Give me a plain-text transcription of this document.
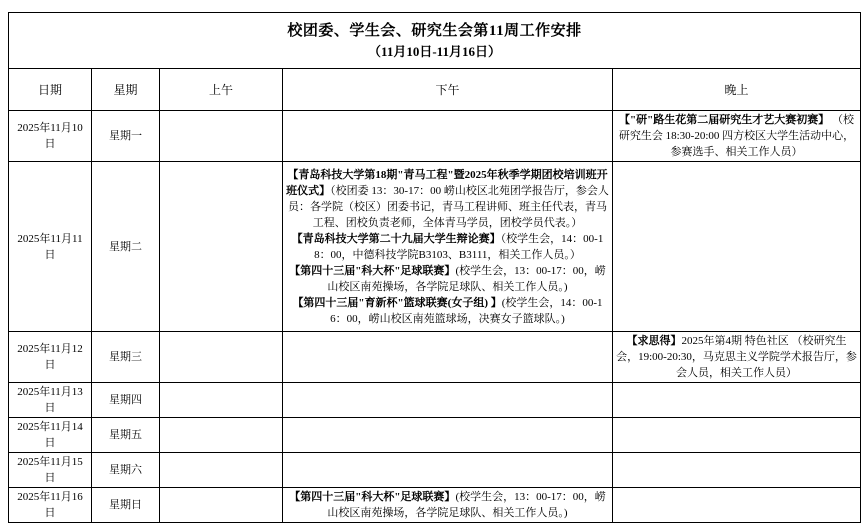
校团委、学生会、研究生会第11周工作安排
（11月10日-11月16日）				

日期	星期	上午	下午	晚上
2025年11月10日	星期一			【"研"路生花第二届研究生才艺大赛初赛】 （校研究生会 18:30-20:00 四方校区大学生活动中心，参赛选手、相关工作人员）

2025年11月11日	星期二		【青岛科技大学第18期"青马工程"暨2025年秋季学期团校培训班开班仪式】（校团委 13：30-17：00 崂山校区北苑团学报告厅，参会人员：各学院（校区）团委书记，青马工程讲师、班主任代表，青马工程、团校负责老师，全体青马学员，团校学员代表。）
【青岛科技大学第二十九届大学生辩论赛】（校学生会，14：00-18：00，中德科技学院B3103、B3111，相关工作人员。）
【第四十三届"科大杯"足球联赛】(校学生会，13：00-17：00，崂山校区南苑操场，各学院足球队、相关工作人员。)
【第四十三届"育新杯"篮球联赛(女子组) 】(校学生会，14：00-16：00，崂山校区南苑篮球场，决赛女子篮球队。)	

2025年11月12日	星期三			【求思得】2025年第4期 特色社区 （校研究生会，19:00-20:30，马克思主义学院学术报告厅，参会人员，相关工作人员）

2025年11月13日	星期四			
2025年11月14日	星期五			
2025年11月15日	星期六			
2025年11月16日	星期日		【第四十三届"科大杯"足球联赛】(校学生会，13：00-17：00，崂山校区南苑操场，各学院足球队、相关工作人员。)	
